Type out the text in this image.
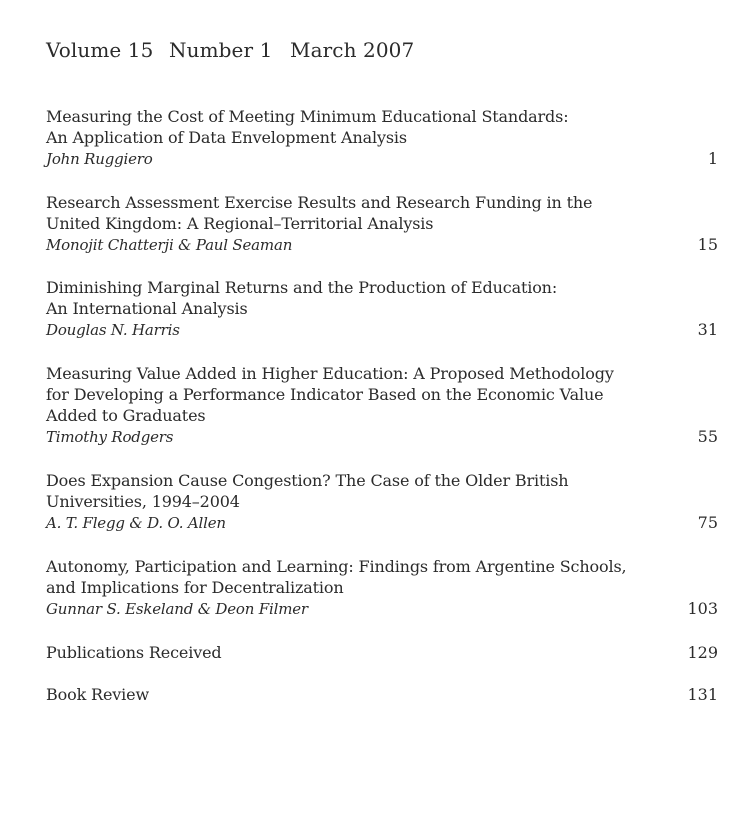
Volume 15 Number 1 March 2007
Measuring the Cost of Meeting Minimum Educational Standards:
An Application of Data Envelopment Analysis
John Ruggiero	1
Research Assessment Exercise Results and Research Funding in the
United Kingdom: A Regional–Territorial Analysis
Monojit Chatterji & Paul Seaman	15
Diminishing Marginal Returns and the Production of Education:
An International Analysis
Douglas N. Harris	31
Measuring Value Added in Higher Education: A Proposed Methodology
for Developing a Performance Indicator Based on the Economic Value
Added to Graduates
Timothy Rodgers	55
Does Expansion Cause Congestion? The Case of the Older British
Universities, 1994–2004
A. T. Flegg & D. O. Allen	75
Autonomy, Participation and Learning: Findings from Argentine Schools,
and Implications for Decentralization
Gunnar S. Eskeland & Deon Filmer	103
Publications Received	129
Book Review	131
